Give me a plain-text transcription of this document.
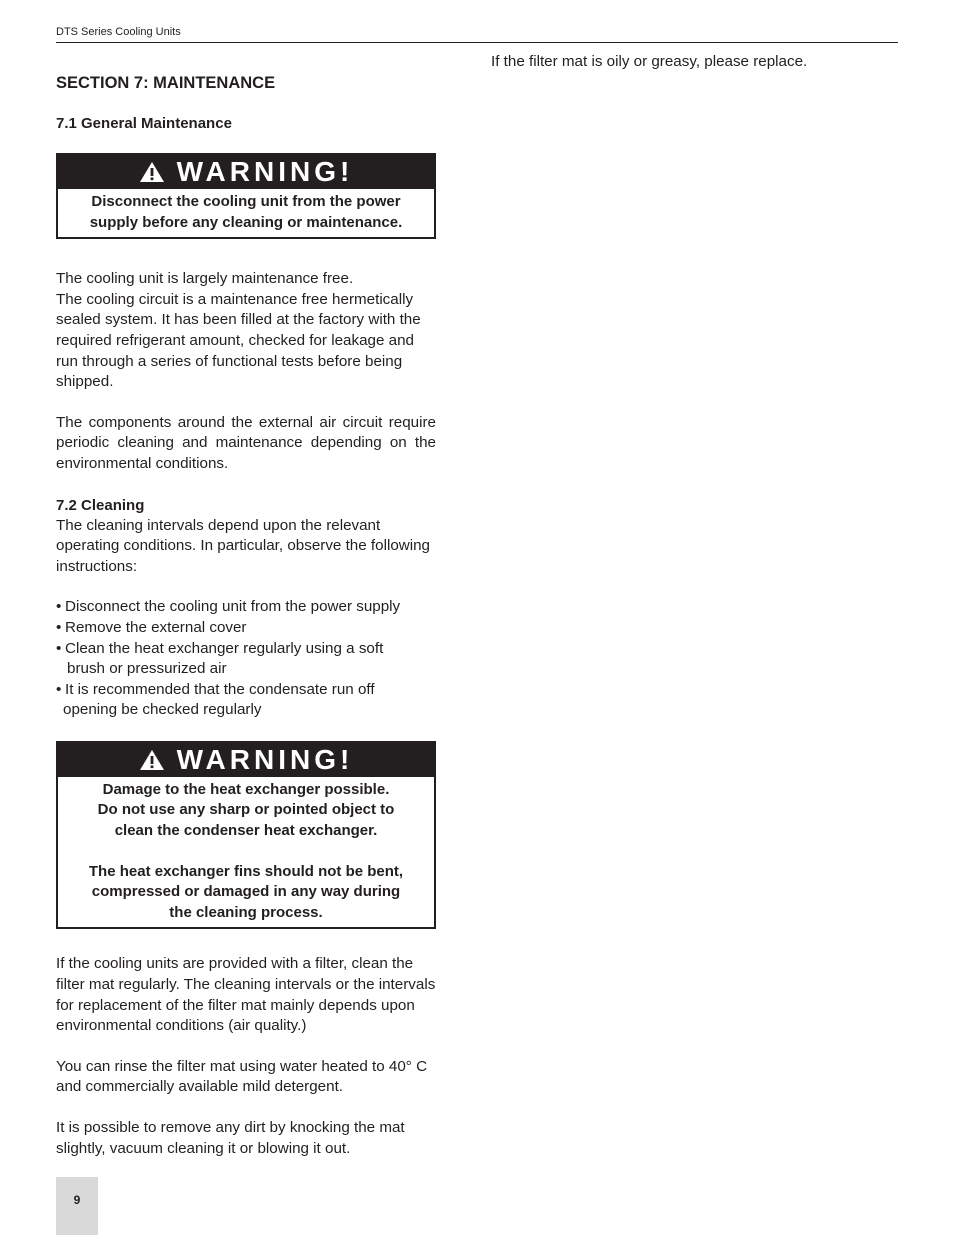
DTS Series Cooling Units
SECTION 7: MAINTENANCE
7.1 General Maintenance
WARNING!
Disconnect the cooling unit from the power
supply before any cleaning or maintenance.

The cooling unit is largely maintenance free.
The cooling circuit is a maintenance free hermetically sealed system. It has been filled at the factory with the required refrigerant amount, checked for leakage and run through a series of functional tests before being shipped.

The components around the external air circuit require periodic cleaning and maintenance depending on the environmental conditions.

7.2 Cleaning

The cleaning intervals depend upon the relevant operating conditions. In particular, observe the following instructions:

• Disconnect the cooling unit from the power supply
• Remove the external cover
• Clean the heat exchanger regularly using a soft
brush or pressurized air
• It is recommended that the condensate run off
opening be checked regularly
WARNING!
Damage to the heat exchanger possible.
Do not use any sharp or pointed object to
clean the condenser heat exchanger.
The heat exchanger fins should not be bent,
compressed or damaged in any way during
the cleaning process.

If the cooling units are provided with a filter, clean the filter mat regularly. The cleaning intervals or the intervals for replacement of the filter mat mainly depends upon environmental conditions (air quality.)

You can rinse the filter mat using water heated to 40° C and commercially available mild detergent.

It is possible to remove any dirt by knocking the mat slightly, vacuum cleaning it or blowing it out.

If the filter mat is oily or greasy, please replace.

9
